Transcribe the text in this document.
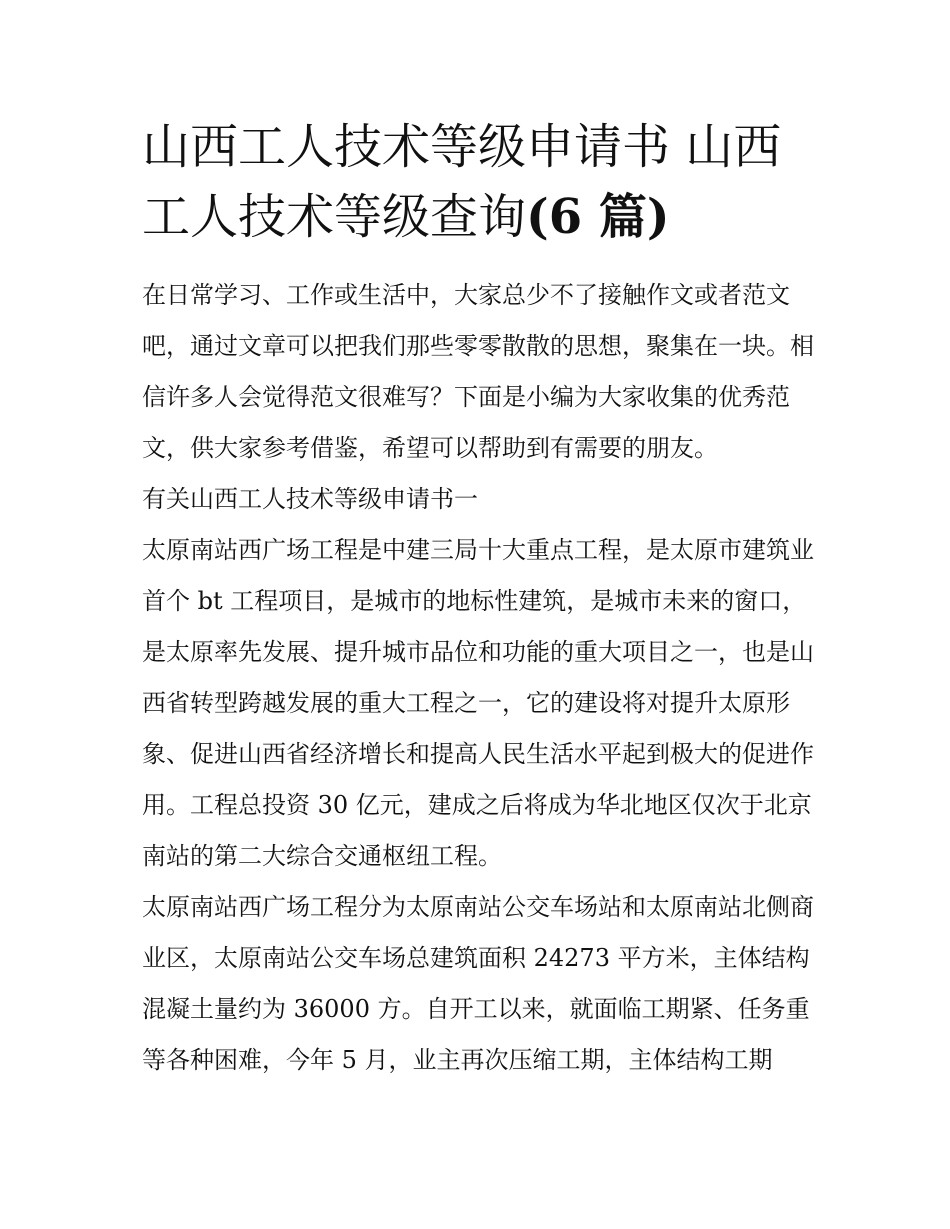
山西工人技术等级申请书 山西
工人技术等级查询(6 篇)

在日常学习、工作或生活中，大家总少不了接触作文或者范文吧，通过文章可以把我们那些零零散散的思想，聚集在一块。相信许多人会觉得范文很难写？下面是小编为大家收集的优秀范文，供大家参考借鉴，希望可以帮助到有需要的朋友。

有关山西工人技术等级申请书一

太原南站西广场工程是中建三局十大重点工程，是太原市建筑业首个 bt 工程项目，是城市的地标性建筑，是城市未来的窗口，是太原率先发展、提升城市品位和功能的重大项目之一，也是山西省转型跨越发展的重大工程之一，它的建设将对提升太原形象、促进山西省经济增长和提高人民生活水平起到极大的促进作用。工程总投资 30 亿元，建成之后将成为华北地区仅次于北京南站的第二大综合交通枢纽工程。

太原南站西广场工程分为太原南站公交车场站和太原南站北侧商业区，太原南站公交车场总建筑面积 24273 平方米，主体结构混凝土量约为 36000 方。自开工以来，就面临工期紧、任务重等各种困难，今年 5 月，业主再次压缩工期，主体结构工期
